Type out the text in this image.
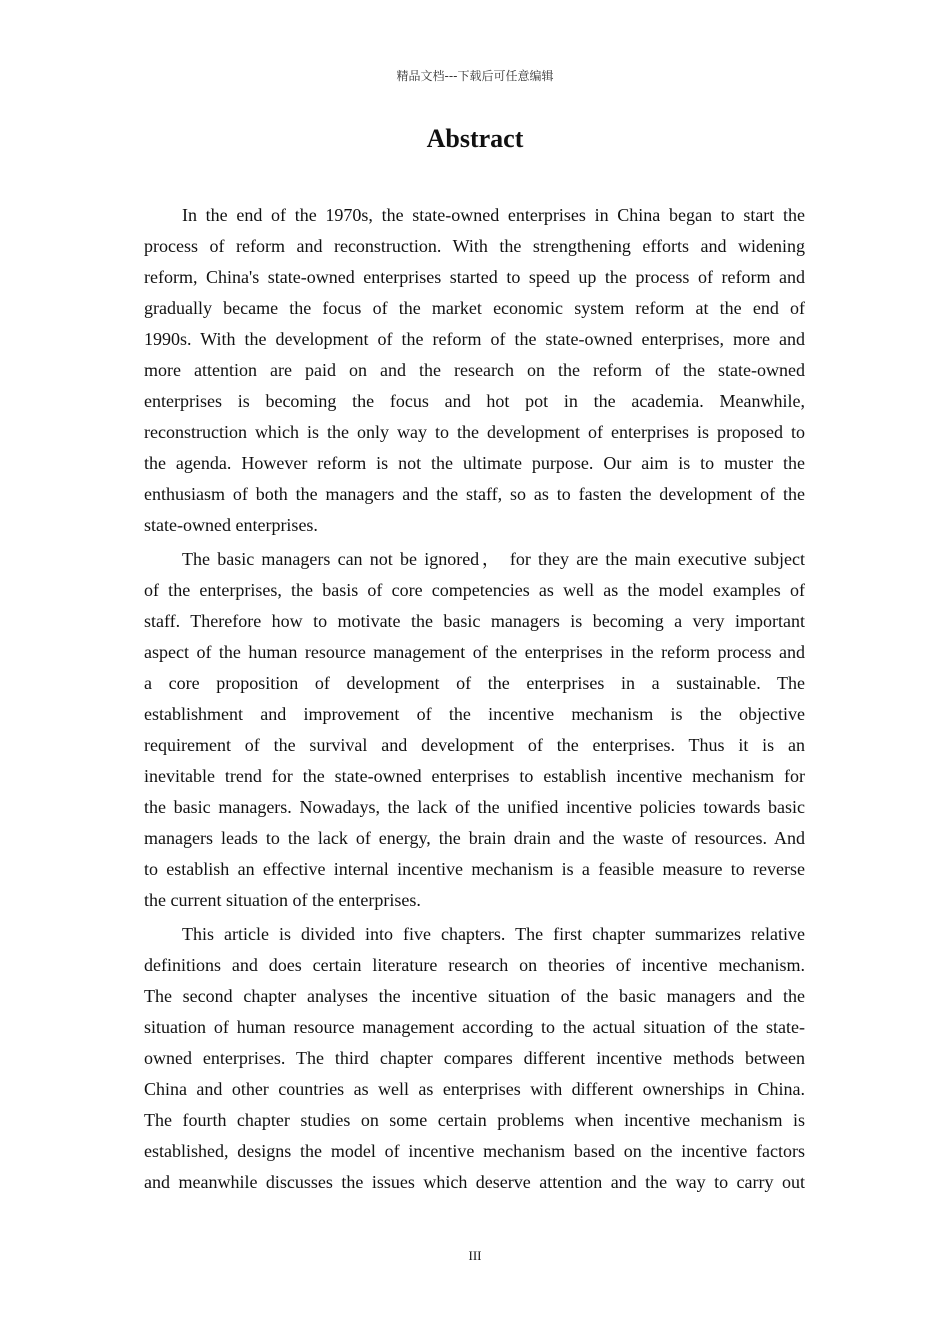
精品文档---下载后可任意编辑
Abstract
In the end of the 1970s, the state-owned enterprises in China began to start the
process of reform and reconstruction. With the strengthening efforts and widening
reform, China's state-owned enterprises started to speed up the process of reform and
gradually became the focus of the market economic system reform at the end of
1990s. With the development of the reform of the state-owned enterprises, more and
more attention are paid on and the research on the reform of the state-owned
enterprises is becoming the focus and hot pot in the academia. Meanwhile,
reconstruction which is the only way to the development of enterprises is proposed to
the agenda. However reform is not the ultimate purpose. Our aim is to muster the
enthusiasm of both the managers and the staff, so as to fasten the development of the
state-owned enterprises.
The basic managers can not be ignored， for they are the main executive subject
of the enterprises, the basis of core competencies as well as the model examples of
staff. Therefore how to motivate the basic managers is becoming a very important
aspect of the human resource management of the enterprises in the reform process and
a core proposition of development of the enterprises in a sustainable. The
establishment and improvement of the incentive mechanism is the objective
requirement of the survival and development of the enterprises. Thus it is an
inevitable trend for the state-owned enterprises to establish incentive mechanism for
the basic managers. Nowadays, the lack of the unified incentive policies towards basic
managers leads to the lack of energy, the brain drain and the waste of resources. And
to establish an effective internal incentive mechanism is a feasible measure to reverse
the current situation of the enterprises.
This article is divided into five chapters. The first chapter summarizes relative
definitions and does certain literature research on theories of incentive mechanism.
The second chapter analyses the incentive situation of the basic managers and the
situation of human resource management according to the actual situation of the state-
owned enterprises. The third chapter compares different incentive methods between
China and other countries as well as enterprises with different ownerships in China.
The fourth chapter studies on some certain problems when incentive mechanism is
established, designs the model of incentive mechanism based on the incentive factors
and meanwhile discusses the issues which deserve attention and the way to carry out
III
